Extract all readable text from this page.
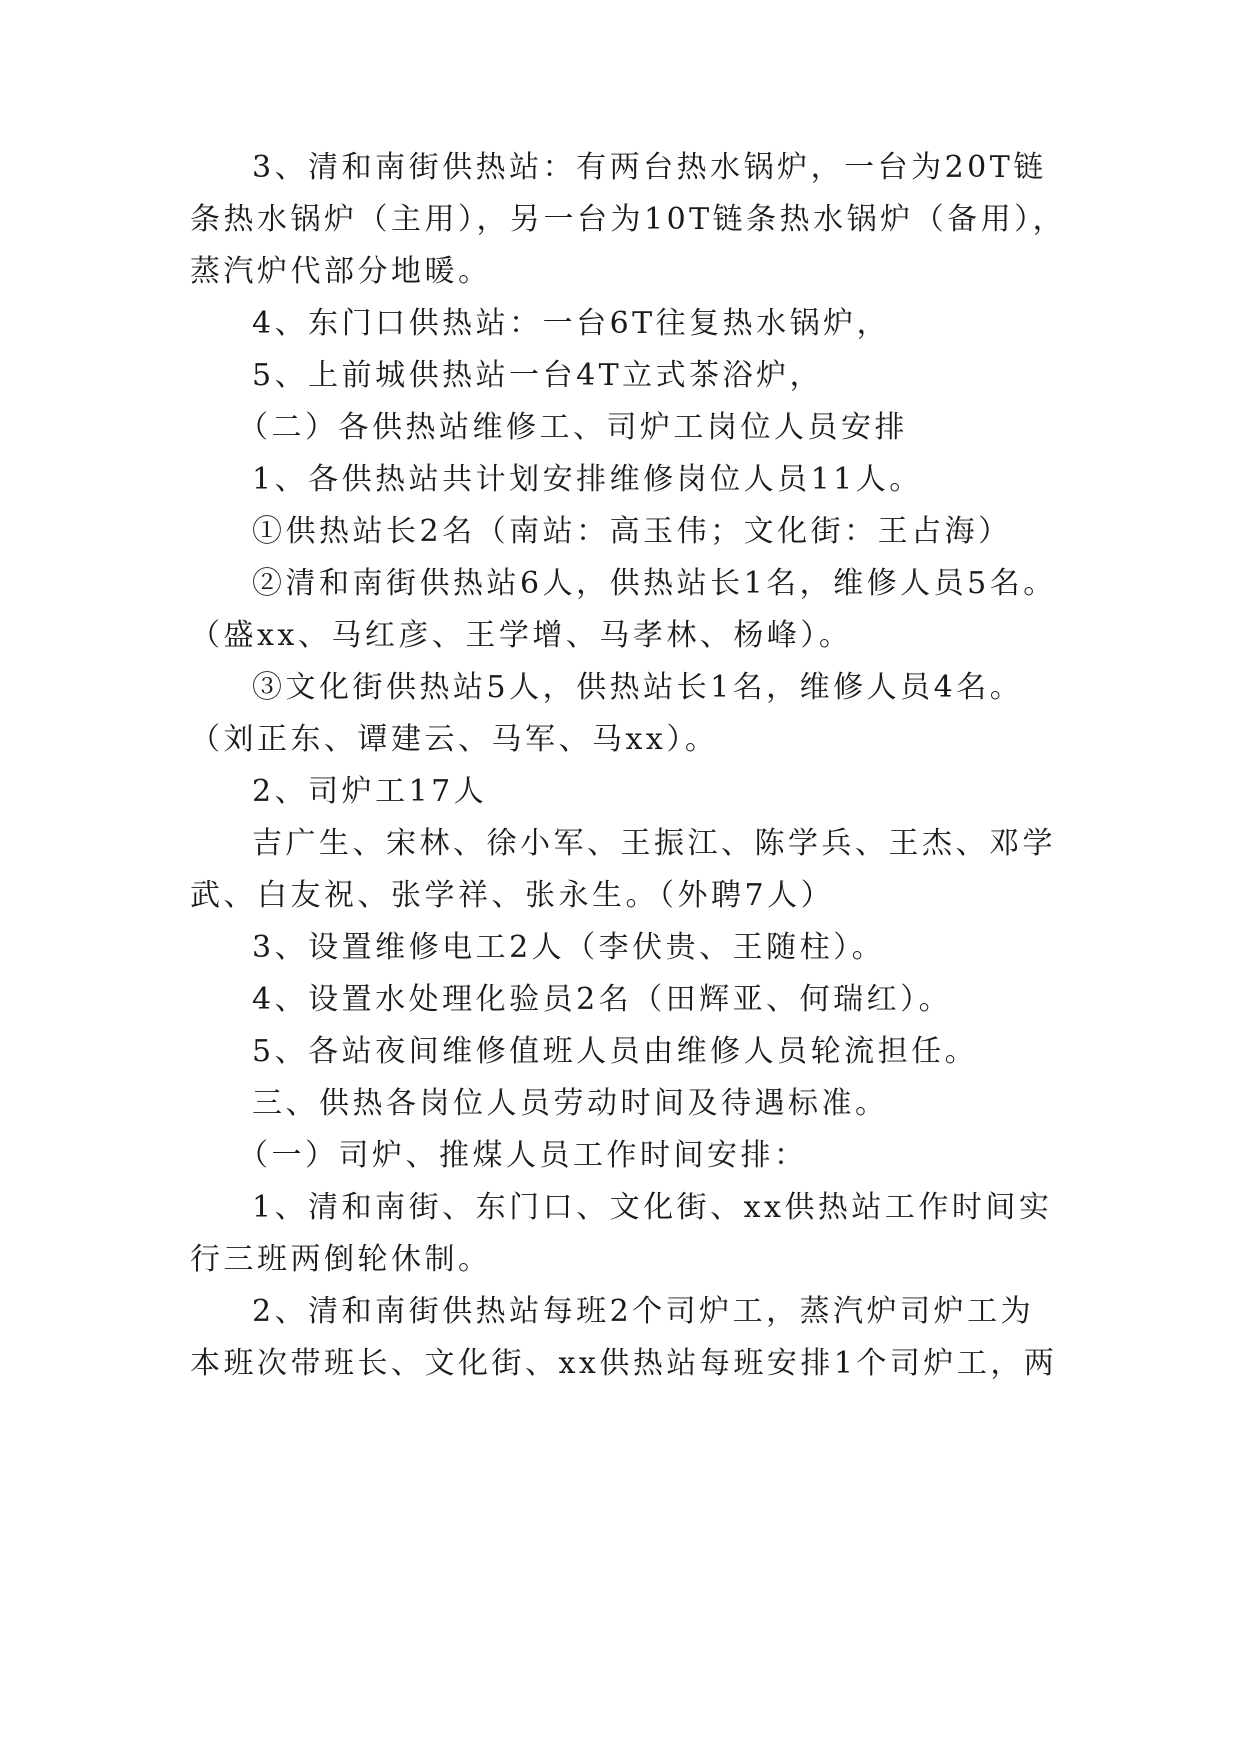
3、清和南街供热站：有两台热水锅炉，一台为20T链
条热水锅炉（主用），另一台为10T链条热水锅炉（备用），
蒸汽炉代部分地暖。
4、东门口供热站：一台6T往复热水锅炉，
5、上前城供热站一台4T立式茶浴炉，
（二）各供热站维修工、司炉工岗位人员安排
1、各供热站共计划安排维修岗位人员11人。
①供热站长2名（南站：高玉伟；文化街：王占海）
②清和南街供热站6人，供热站长1名，维修人员5名。
（盛xx、马红彦、王学增、马孝林、杨峰）。
③文化街供热站5人，供热站长1名，维修人员4名。
（刘正东、谭建云、马军、马xx）。
2、司炉工17人
吉广生、宋林、徐小军、王振江、陈学兵、王杰、邓学
武、白友祝、张学祥、张永生。（外聘7人）
3、设置维修电工2人（李伏贵、王随柱）。
4、设置水处理化验员2名（田辉亚、何瑞红）。
5、各站夜间维修值班人员由维修人员轮流担任。
三、供热各岗位人员劳动时间及待遇标准。
（一）司炉、推煤人员工作时间安排：
1、清和南街、东门口、文化街、xx供热站工作时间实
行三班两倒轮休制。
2、清和南街供热站每班2个司炉工，蒸汽炉司炉工为
本班次带班长、文化街、xx供热站每班安排1个司炉工，两
